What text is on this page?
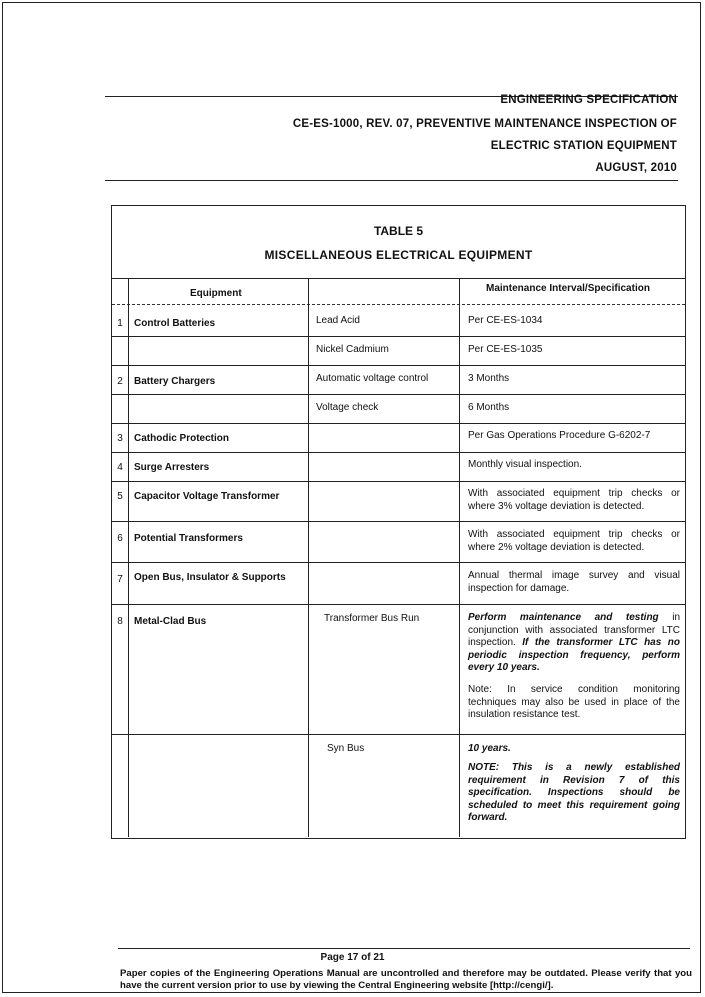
ENGINEERING SPECIFICATION
CE-ES-1000, REV. 07, PREVENTIVE MAINTENANCE INSPECTION OF
ELECTRIC STATION EQUIPMENT
AUGUST, 2010
TABLE 5
MISCELLANEOUS ELECTRICAL EQUIPMENT
Equipment	Maintenance Interval/Specification
1	Control Batteries	Lead Acid	Per CE-ES-1034
Nickel Cadmium	Per CE-ES-1035
2	Battery Chargers	Automatic voltage control	3 Months
Voltage check	6 Months
3	Cathodic Protection	Per Gas Operations Procedure G-6202-7
4	Surge Arresters	Monthly visual inspection.
5	Capacitor Voltage Transformer	With associated equipment trip checks or where 3% voltage deviation is detected.
6	Potential Transformers	With associated equipment trip checks or where 2% voltage deviation is detected.
7	Open Bus, Insulator & Supports	Annual thermal image survey and visual inspection for damage.
8	Metal-Clad Bus	Transformer Bus Run	Perform maintenance and testing in conjunction with associated transformer LTC inspection. If the transformer LTC has no periodic inspection frequency, perform every 10 years.
Note: In service condition monitoring techniques may also be used in place of the insulation resistance test.
Syn Bus	10 years.
NOTE: This is a newly established requirement in Revision 7 of this specification. Inspections should be scheduled to meet this requirement going forward.
Page 17 of 21
Paper copies of the Engineering Operations Manual are uncontrolled and therefore may be outdated. Please verify that you have the current version prior to use by viewing the Central Engineering website [http://cengi/].
